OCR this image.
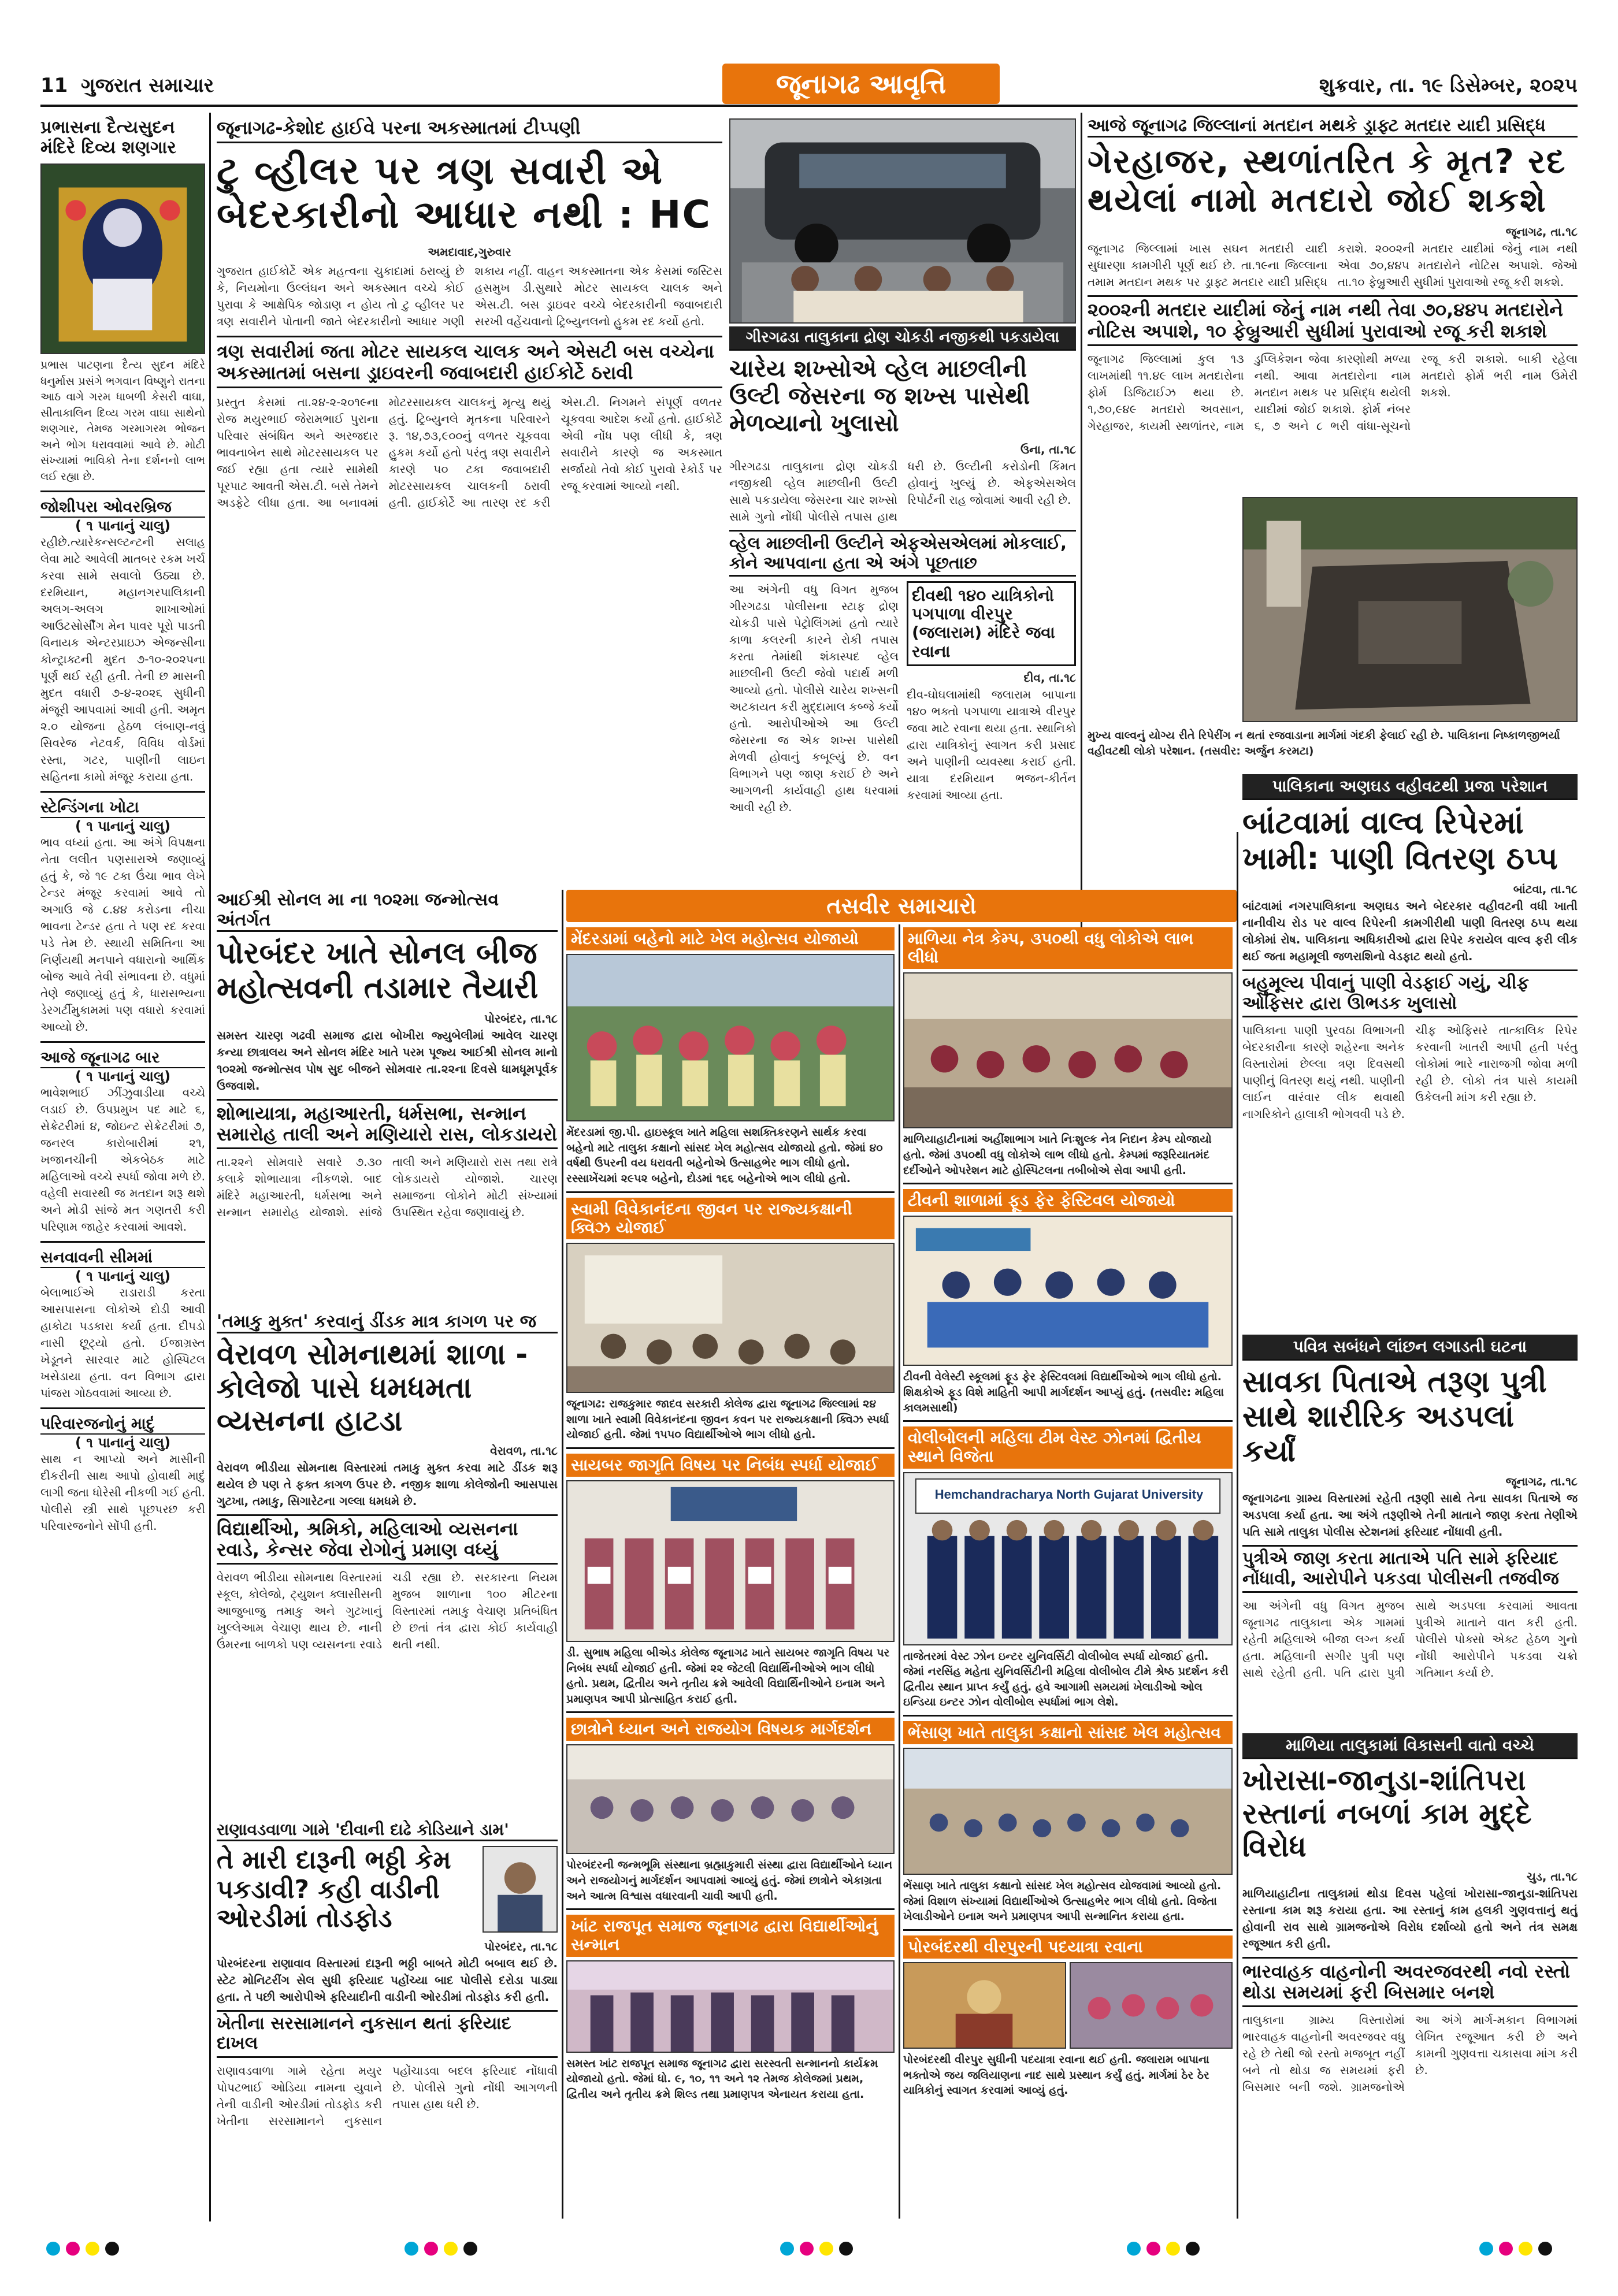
11 ગુજરાત સમાચાર	જૂનાગઢ આવૃત્તિ	શુક્રવાર, તા. ૧૯ ડિસેમ્બર, ૨૦૨૫
પ્રભાસના દૈત્યસુદન મંદિરે દિવ્ય શણગાર
પ્રભાસ પાટણના દૈત્ય સુદન મંદિરે ધનુર્માસ પ્રસંગે ભગવાન વિષ્ણુને રાતના આઠ વાગે ગરમ ધાબળી કેસરી વાઘા, સીતાકાલિન દિવ્ય ગરમ વાઘા સાથેનો શણગાર, તેમજ ગરમાગરમ ભોજન અને ભોગ ધરાવવામાં આવે છે. મોટી સંખ્યામાં ભાવિકો તેના દર્શનનો લાભ લઈ રહ્યા છે.
જોશીપરા ઓવરબ્રિજ
( ૧ પાનાનું ચાલુ)
રહીછે.ત્યારેકન્સલ્ટન્ટની સલાહ લેવા માટે આવેલી માતબર રકમ ખર્ચ કરવા સામે સવાલો ઉઠ્યા છે. દરમિયાન, મહાનગરપાલિકાની અલગ-અલગ શાખાઓમાં આઉટસોર્સીંગ મેન પાવર પૂરો પાડતી વિનાયક એન્ટરપ્રાઇઝ એજન્સીના કોન્ટ્રાક્ટની મુદત ૭-૧૦-૨૦૨૫ના પૂર્ણ થઈ રહી હતી. તેની છ માસની મુદત વધારી ૭-૪-૨૦૨૬ સુધીની મંજૂરી આપવામાં આવી હતી. અમૃત ૨.૦ યોજના હેઠળ લંબાણ-નવું સિવરેજ નેટવર્ક, વિવિધ વોર્ડમાં રસ્તા, ગટર, પાણીની લાઇન સહિતના કામો મંજૂર કરાયા હતા.
સ્ટેન્ડિંગના ખોટા
( ૧ પાનાનું ચાલુ)
ભાવ વધ્યાં હતા. આ અંગે વિપક્ષના નેતા લલીત પણસારાએ જણાવ્યું હતું કે, જે ૧૯ ટકા ઉંચા ભાવ લેખે ટેન્ડર મંજૂર કરવામાં આવે તો અગાઉ જે ૮.૪૪ કરોડના નીચા ભાવના ટેન્ડર હતા તે પણ રદ કરવા પડે તેમ છે. સ્થાયી સમિતિના આ નિર્ણયથી મનપાને વધારાનો આર્થિક બોજ આવે તેવી સંભાવના છે. વધુમાં તેણે જણાવ્યું હતું કે, ધારાસભ્યના ડેરગર્ટીમુકામમાં પણ વધારો કરવામાં આવ્યો છે.
આજે જૂનાગઢ બાર
( ૧ પાનાનું ચાલુ)
ભાવેશભાઈ ઝીંઝુવાડીયા વચ્ચે લડાઈ છે. ઉપપ્રમુખ પદ માટે ૬, સેક્રેટરીમાં ૪, જોઇન્ટ સેક્રેટરીમાં ૭, જનરલ કારોબારીમાં ૨૧, ખજાનચીની એકબેઠક માટે મહિલાઓ વચ્ચે સ્પર્ધા જોવા મળે છે. વહેલી સવારથી જ મતદાન શરૂ થશે અને મોડી સાંજે મત ગણતરી કરી પરિણામ જાહેર કરવામાં આવશે.
સનવાવની સીમમાં
( ૧ પાનાનું ચાલુ)
બેલાભાઈએ રાડારાડી કરતા આસપાસના લોકોએ દોડી આવી હાકોટા પડકારા કર્યા હતા. દીપડો નાસી છૂટ્યો હતો. ઈજાગ્રસ્ત ખેડૂતને સારવાર માટે હોસ્પિટલ ખસેડાયા હતા. વન વિભાગ દ્વારા પાંજરા ગોઠવવામાં આવ્યા છે.
પરિવારજનોનું માદું
( ૧ પાનાનું ચાલુ)
સાથ ન આપ્યો અને માસીની દીકરીની સાથ આપો હોવાથી માદું લાગી જતા ધોરેસી નીકળી ગઈ હતી. પોલીસે સ્ત્રી સાથે પૂછપરછ કરી પરિવારજનોને સોંપી હતી.
જૂનાગઢ-કેશોદ હાઈવે પરના અકસ્માતમાં ટીપ્પણી
ટુ વ્હીલર પર ત્રણ સવારી એ બેદરકારીનો આધાર નથી : HC
અમદાવાદ,ગુરુવાર
ગુજરાત હાઈકોર્ટે એક મહત્વના ચુકાદામાં ઠરાવ્યું છે કે, નિયમોના ઉલ્લંઘન અને અકસ્માત વચ્ચે કોઈ પુરાવા કે આક્ષેપિક જોડાણ ન હોય તો ટુ વ્હીલર પર ત્રણ સવારીને પોતાની જાતે બેદરકારીનો આધાર ગણી શકાય નહીં. વાહન અકસ્માતના એક કેસમાં જસ્ટિસ હસમુખ ડી.સુથારે મોટર સાયકલ ચાલક અને એસ.ટી. બસ ડ્રાઇવર વચ્ચે બેદરકારીની જવાબદારી સરખી વહેંચવાનો ટ્રિબ્યુનલનો હુકમ રદ કર્યો હતો.
ત્રણ સવારીમાં જતા મોટર સાયકલ ચાલક અને એસટી બસ વચ્ચેના અકસ્માતમાં બસના ડ્રાઇવરની જવાબદારી હાઈકોર્ટે ઠરાવી
પ્રસ્તુત કેસમાં તા.૨૪-૨-૨૦૧૯ના રોજ મયુરભાઈ જેરામભાઈ પુરાના પરિવાર સંબંધિત અને અરજદાર ભાવનાબેન સાથે મોટરસાયકલ પર જઈ રહ્યા હતા ત્યારે સામેથી પૂરપાટ આવતી એસ.ટી. બસે તેમને અડફેટે લીધા હતા. આ બનાવમાં મોટરસાયકલ ચાલકનું મૃત્યુ થયું હતું. ટ્રિબ્યુનલે મૃતકના પરિવારને રૂ. ૧૪,૭૩,૯૦૦નું વળતર ચૂકવવા હુકમ કર્યો હતો પરંતુ ત્રણ સવારીને કારણે ૫૦ ટકા જવાબદારી મોટરસાયકલ ચાલકની ઠરાવી હતી. હાઈકોર્ટે આ તારણ રદ કરી એસ.ટી. નિગમને સંપૂર્ણ વળતર ચૂકવવા આદેશ કર્યો હતો. હાઈકોર્ટે એવી નોંધ પણ લીધી કે, ત્રણ સવારીને કારણે જ અકસ્માત સર્જાયો તેવો કોઈ પુરાવો રેકોર્ડ પર રજૂ કરવામાં આવ્યો નથી.
ગીરગઢડા તાલુકાના દ્રોણ ચોકડી નજીકથી પકડાયેલા
ચારેય શખ્સોએ વ્હેલ માછલીની ઉલ્ટી જેસરના જ શખ્સ પાસેથી મેળવ્યાનો ખુલાસો
ઉના, તા.૧૮
ગીરગઢડા તાલુકાના દ્રોણ ચોકડી નજીકથી વ્હેલ માછલીની ઉલ્ટી સાથે પકડાયેલા જેસરના ચાર શખ્સો સામે ગુનો નોંધી પોલીસે તપાસ હાથ ધરી છે. ઉલ્ટીની કરોડોની કિંમત હોવાનું ખુલ્યું છે. એફએસએલ રિપોર્ટની રાહ જોવામાં આવી રહી છે.
વ્હેલ માછલીની ઉલ્ટીને એફએસએલમાં મોકલાઈ, કોને આપવાના હતા એ અંગે પૂછતાછ
આ અંગેની વધુ વિગત મુજબ ગીરગઢડા પોલીસના સ્ટાફ દ્રોણ ચોકડી પાસે પેટ્રોલિંગમાં હતો ત્યારે કાળા કલરની કારને રોકી તપાસ કરતા તેમાંથી શંકાસ્પદ વ્હેલ માછલીની ઉલ્ટી જેવો પદાર્થ મળી આવ્યો હતો. પોલીસે ચારેય શખ્સની અટકાયત કરી મુદ્દામાલ કબ્જે કર્યો હતો. આરોપીઓએ આ ઉલ્ટી જેસરના જ એક શખ્સ પાસેથી મેળવી હોવાનું કબૂલ્યું છે. વન વિભાગને પણ જાણ કરાઈ છે અને આગળની કાર્યવાહી હાથ ધરવામાં આવી રહી છે.
દીવથી ૧૪૦ યાત્રિકોનો પગપાળા વીરપુર (જલારામ) મંદિરે જવા રવાના
દીવ, તા.૧૮
દીવ-ઘોઘલામાંથી જલારામ બાપાના ૧૪૦ ભક્તો પગપાળા યાત્રાએ વીરપુર જવા માટે રવાના થયા હતા. સ્થાનિકો દ્વારા યાત્રિકોનું સ્વાગત કરી પ્રસાદ અને પાણીની વ્યવસ્થા કરાઈ હતી. યાત્રા દરમિયાન ભજન-કીર્તન કરવામાં આવ્યા હતા.
આજે જૂનાગઢ જિલ્લાનાં મતદાન મથકે ડ્રાફ્ટ મતદાર યાદી પ્રસિદ્ધ
ગેરહાજર, સ્થળાંતરિત કે મૃત? રદ થયેલાં નામો મતદારો જોઈ શકશે
જૂનાગઢ, તા.૧૮
જૂનાગઢ જિલ્લામાં ખાસ સઘન મતદારી યાદી સુધારણા કામગીરી પૂર્ણ થઈ છે. તા.૧૯ના જિલ્લાના તમામ મતદાન મથક પર ડ્રાફ્ટ મતદાર યાદી પ્રસિદ્ધ કરાશે. ૨૦૦૨ની મતદાર યાદીમાં જેનું નામ નથી એવા ૭૦,૪૪૫ મતદારોને નોટિસ અપાશે. જેઓ તા.૧૦ ફેબ્રુઆરી સુધીમાં પુરાવાઓ રજૂ કરી શકશે.
૨૦૦૨ની મતદાર યાદીમાં જેનું નામ નથી તેવા ૭૦,૪૪૫ મતદારોને નોટિસ અપાશે, ૧૦ ફેબ્રુઆરી સુધીમાં પુરાવાઓ રજૂ કરી શકાશે
જૂનાગઢ જિલ્લામાં કુલ ૧૩ લાખમાંથી ૧૧.૪૯ લાખ મતદારોના ફોર્મ ડિજિટાઈઝ થયા છે. ૧,૭૦,૯૪૯ મતદારો અવસાન, ગેરહાજર, કાયમી સ્થળાંતર, નામ ડુપ્લિકેશન જેવા કારણોથી મળ્યા નથી. આવા મતદારોના નામ મતદાન મથક પર પ્રસિદ્ધ થયેલી યાદીમાં જોઈ શકાશે. ફોર્મ નંબર ૬, ૭ અને ૮ ભરી વાંધા-સૂચનો રજૂ કરી શકાશે. બાકી રહેલા મતદારો ફોર્મ ભરી નામ ઉમેરી શકશે.
મુખ્ય વાલ્વનું યોગ્ય રીતે રિપેરીંગ ન થતાં રજવાડાના માર્ગમાં ગંદકી ફેલાઈ રહી છે. પાલિકાના નિષ્કાળજીભર્યા વહીવટથી લોકો પરેશાન. (તસવીર: અર્જુન કરમટા)
પાલિકાના અણઘડ વહીવટથી પ્રજા પરેશાન
બાંટવામાં વાલ્વ રિપેરમાં ખામી: પાણી વિતરણ ઠપ્પ
બાંટવા, તા.૧૮
બાંટવામાં નગરપાલિકાના અણઘડ અને બેદરકાર વહીવટની વધી ખાતી નાનીવીચ રોડ પર વાલ્વ રિપેરની કામગીરીથી પાણી વિતરણ ઠપ્પ થયા લોકોમાં રોષ. પાલિકાના અધિકારીઓ દ્વારા રિપેર કરાયેલ વાલ્વ ફરી લીક થઈ જતા મહામૂલી જળરાશિનો વેડફાટ થયો હતો.
બહુમૂલ્ય પીવાનું પાણી વેડફાઈ ગયું, ચીફ ઓફિસર દ્વારા ઊભડક ખુલાસો
પાલિકાના પાણી પુરવઠા વિભાગની બેદરકારીના કારણે શહેરના અનેક વિસ્તારોમાં છેલ્લા ત્રણ દિવસથી પાણીનું વિતરણ થયું નથી. પાણીની લાઈન વારંવાર લીક થવાથી નાગરિકોને હાલાકી ભોગવવી પડે છે. ચીફ ઓફિસરે તાત્કાલિક રિપેર કરવાની ખાતરી આપી હતી પરંતુ લોકોમાં ભારે નારાજગી જોવા મળી રહી છે. લોકો તંત્ર પાસે કાયમી ઉકેલની માંગ કરી રહ્યા છે.
પવિત્ર સબંધને લાંછન લગાડતી ઘટના
સાવકા પિતાએ તરૂણ પુત્રી સાથે શારીરિક અડપલાં કર્યાં
જૂનાગઢ, તા.૧૮
જૂનાગઢના ગ્રામ્ય વિસ્તારમાં રહેતી તરૂણી સાથે તેના સાવકા પિતાએ જ અડપલા કર્યા હતા. આ અંગે તરૂણીએ તેની માતાને જાણ કરતા તેણીએ પતિ સામે તાલુકા પોલીસ સ્ટેશનમાં ફરિયાદ નોંધાવી હતી.
પુત્રીએ જાણ કરતા માતાએ પતિ સામે ફરિયાદ નોંધાવી, આરોપીને પકડવા પોલીસની તજવીજ
આ અંગેની વધુ વિગત મુજબ જૂનાગઢ તાલુકાના એક ગામમાં રહેતી મહિલાએ બીજા લગ્ન કર્યા હતા. મહિલાની સગીર પુત્રી પણ સાથે રહેતી હતી. પતિ દ્વારા પુત્રી સાથે અડપલા કરવામાં આવતા પુત્રીએ માતાને વાત કરી હતી. પોલીસે પોક્સો એક્ટ હેઠળ ગુનો નોંધી આરોપીને પકડવા ચક્રો ગતિમાન કર્યા છે.
માળિયા તાલુકામાં વિકાસની વાતો વચ્ચે
ખોરાસા-જાનુડા-શાંતિપરા રસ્તાનાં નબળાં કામ મુદ્દે વિરોધ
ચુડ, તા.૧૮
માળિયાહાટીના તાલુકામાં થોડા દિવસ પહેલાં ખોરાસા-જાનુડા-શાંતિપરા રસ્તાના કામ શરૂ કરાયા હતા. આ રસ્તાનું કામ હલકી ગુણવત્તાનું થતું હોવાની રાવ સાથે ગ્રામજનોએ વિરોધ દર્શાવ્યો હતો અને તંત્ર સમક્ષ રજૂઆત કરી હતી.
ભારવાહક વાહનોની અવરજવરથી નવો રસ્તો થોડા સમયમાં ફરી બિસમાર બનશે
તાલુકાના ગ્રામ્ય વિસ્તારોમાં ભારવાહક વાહનોની અવરજવર વધુ રહે છે તેથી જો રસ્તો મજબૂત નહીં બને તો થોડા જ સમયમાં ફરી બિસમાર બની જશે. ગ્રામજનોએ આ અંગે માર્ગ-મકાન વિભાગમાં લેખિત રજૂઆત કરી છે અને કામની ગુણવત્તા ચકાસવા માંગ કરી છે.
આઈશ્રી સોનલ મા ના ૧૦૨મા જન્મોત્સવ અંતર્ગત
પોરબંદર ખાતે સોનલ બીજ મહોત્સવની તડામાર તૈયારી
પોરબંદર, તા.૧૮
સમસ્ત ચારણ ગઢવી સમાજ દ્વારા બોખીરા જ્યુબેલીમાં આવેલ ચારણ કન્યા છાત્રાલય અને સોનલ મંદિર ખાતે પરમ પૂજ્ય આઈશ્રી સોનલ માનો ૧૦૨મો જન્મોત્સવ પોષ સુદ બીજને સોમવાર તા.૨૨ના દિવસે ધામધૂમપૂર્વક ઉજવાશે.
શોભાયાત્રા, મહાઆરતી, ધર્મસભા, સન્માન સમારોહ તાલી અને મણિયારો રાસ, લોકડાયરો
તા.૨૨ને સોમવારે સવારે ૭.૩૦ કલાકે શોભાયાત્રા નીકળશે. બાદ મંદિરે મહાઆરતી, ધર્મસભા અને સન્માન સમારોહ યોજાશે. સાંજે તાલી અને મણિયારો રાસ તથા રાત્રે લોકડાયરો યોજાશે. ચારણ સમાજના લોકોને મોટી સંખ્યામાં ઉપસ્થિત રહેવા જણાવાયું છે.
'તમાકુ મુક્ત' કરવાનું ડીંડક માત્ર કાગળ પર જ
વેરાવળ સોમનાથમાં શાળા - કોલેજો પાસે ધમધમતા વ્યસનના હાટડા
વેરાવળ, તા.૧૮
વેરાવળ ભીડીયા સોમનાથ વિસ્તારમાં તમાકુ મુક્ત કરવા માટે ડીંડક શરૂ થયેલ છે પણ તે ફક્ત કાગળ ઉપર છે. નજીક શાળા કોલેજોની આસપાસ ગુટખા, તમાકુ, સિગારેટના ગલ્લા ધમધમે છે.
વિદ્યાર્થીઓ, શ્રમિકો, મહિલાઓ વ્યસનના રવાડે, કેન્સર જેવા રોગોનું પ્રમાણ વધ્યું
વેરાવળ ભીડીયા સોમનાથ વિસ્તારમાં સ્કૂલ, કોલેજો, ટ્યુશન ક્લાસીસની આજુબાજુ તમાકુ અને ગુટખાનું ખુલ્લેઆમ વેચાણ થાય છે. નાની ઉંમરના બાળકો પણ વ્યસનના રવાડે ચડી રહ્યા છે. સરકારના નિયમ મુજબ શાળાના ૧૦૦ મીટરના વિસ્તારમાં તમાકુ વેચાણ પ્રતિબંધિત છે છતાં તંત્ર દ્વારા કોઈ કાર્યવાહી થતી નથી.
રાણાવડવાળા ગામે 'દીવાની દાઢે કોડિયાને ડામ'
તે મારી દારૂની ભઠ્ઠી કેમ પકડાવી? કહી વાડીની ઓરડીમાં તોડફોડ
પોરબંદર, તા.૧૮
પોરબંદરના રાણાવાવ વિસ્તારમાં દારૂની ભઠ્ઠી બાબતે મોટી બબાલ થઈ છે. સ્ટેટ મોનિટરીંગ સેલ સુધી ફરિયાદ પહોંચ્યા બાદ પોલીસે દરોડા પાડ્યા હતા. તે પછી આરોપીએ ફરિયાદીની વાડીની ઓરડીમાં તોડફોડ કરી હતી.
ખેતીના સરસામાનને નુકસાન થતાં ફરિયાદ દાખલ
રાણાવડવાળા ગામે રહેતા મયુર પોપટભાઈ ઓડિયા નામના યુવાને તેની વાડીની ઓરડીમાં તોડફોડ કરી ખેતીના સરસામાનને નુકસાન પહોંચાડવા બદલ ફરિયાદ નોંધાવી છે. પોલીસે ગુનો નોંધી આગળની તપાસ હાથ ધરી છે.
તસવીર સમાચારો
મેંદરડામાં બહેનો માટે ખેલ મહોત્સવ યોજાયો
મેંદરડામાં જી.પી. હાઇસ્કૂલ ખાતે મહિલા સશક્તિકરણને સાર્થક કરવા બહેનો માટે તાલુકા કક્ષાનો સાંસદ ખેલ મહોત્સવ યોજાયો હતો. જેમાં ૪૦ વર્ષથી ઉપરની વય ધરાવતી બહેનોએ ઉત્સાહભેર ભાગ લીધો હતો. રસ્સાખેંચમાં ૨૯૫૨ બહેનો, દોડમાં ૧૬૬ બહેનોએ ભાગ લીધો હતો.
સ્વામી વિવેકાનંદના જીવન પર રાજ્યકક્ષાની ક્વિઝ યોજાઈ
જૂનાગઢ: રાજકુમાર જાદવ સરકારી કોલેજ દ્વારા જૂનાગઢ જિલ્લામાં ૨૪ શાળા ખાતે સ્વામી વિવેકાનંદના જીવન કવન પર રાજ્યકક્ષાની ક્વિઝ સ્પર્ધા યોજાઈ હતી. જેમાં ૧૫૫૦ વિદ્યાર્થીઓએ ભાગ લીધો હતો.
સાયબર જાગૃતિ વિષય પર નિબંધ સ્પર્ધા યોજાઈ
ડી. સુભાષ મહિલા બીએડ કોલેજ જૂનાગઢ ખાતે સાયબર જાગૃતિ વિષય પર નિબંધ સ્પર્ધા યોજાઈ હતી. જેમાં ૨૨ જેટલી વિદ્યાર્થિનીઓએ ભાગ લીધો હતો. પ્રથમ, દ્વિતીય અને તૃતીય ક્રમે આવેલી વિદ્યાર્થિનીઓને ઇનામ અને પ્રમાણપત્ર આપી પ્રોત્સાહિત કરાઈ હતી.
છાત્રોને ધ્યાન અને રાજયોગ વિષયક માર્ગદર્શન
પોરબંદરની જન્મભૂમિ સંસ્થાના બ્રહ્માકુમારી સંસ્થા દ્વારા વિદ્યાર્થીઓને ધ્યાન અને રાજયોગનું માર્ગદર્શન આપવામાં આવ્યું હતું. જેમાં છાત્રોને એકાગ્રતા અને આત્મ વિશ્વાસ વધારવાની ચાવી આપી હતી.
ખાંટ રાજપૂત સમાજ જૂનાગઢ દ્વારા વિદ્યાર્થીઓનું સન્માન
સમસ્ત ખાંટ રાજપૂત સમાજ જૂનાગઢ દ્વારા સરસ્વતી સન્માનનો કાર્યક્રમ યોજાયો હતો. જેમાં ધો. ૯, ૧૦, ૧૧ અને ૧૨ તેમજ કોલેજમાં પ્રથમ, દ્વિતીય અને તૃતીય ક્રમે શિલ્ડ તથા પ્રમાણપત્ર એનાયત કરાયા હતા.
માળિયા નેત્ર કેમ્પ, ૩૫૦થી વધુ લોકોએ લાભ લીધો
માળિયાહાટીનામાં અહીંશાભાગ ખાતે નિઃશુલ્ક નેત્ર નિદાન કેમ્પ યોજાયો હતો. જેમાં ૩૫૦થી વધુ લોકોએ લાભ લીધો હતો. કેમ્પમાં જરૂરિયાતમંદ દર્દીઓને ઓપરેશન માટે હોસ્પિટલના તબીબોએ સેવા આપી હતી.
ટીવની શાળામાં ફૂડ ફેર ફેસ્ટિવલ યોજાયો
ટીવની વેલેસ્ટી સ્કૂલમાં ફૂડ ફેર ફેસ્ટિવલમાં વિદ્યાર્થીઓએ ભાગ લીધો હતો. શિક્ષકોએ ફૂડ વિશે માહિતી આપી માર્ગદર્શન આપ્યું હતું. (તસવીર: મહિલા કાલમસાથી)
વોલીબોલની મહિલા ટીમ વેસ્ટ ઝોનમાં દ્વિતીય સ્થાને વિજેતા
Hemchandracharya North Gujarat University
તાજેતરમાં વેસ્ટ ઝોન ઇન્ટર યુનિવર્સિટી વોલીબોલ સ્પર્ધા યોજાઈ હતી. જેમાં નરસિંહ મહેતા યુનિવર્સિટીની મહિલા વોલીબોલ ટીમે શ્રેષ્ઠ પ્રદર્શન કરી દ્વિતીય સ્થાન પ્રાપ્ત કર્યું હતું. હવે આગામી સમયમાં ખેલાડીઓ ઓલ ઇન્ડિયા ઇન્ટર ઝોન વોલીબોલ સ્પર્ધામાં ભાગ લેશે.
ભેંસાણ ખાતે તાલુકા કક્ષાનો સાંસદ ખેલ મહોત્સવ
ભેંસાણ ખાતે તાલુકા કક્ષાનો સાંસદ ખેલ મહોત્સવ યોજવામાં આવ્યો હતો. જેમાં વિશાળ સંખ્યામાં વિદ્યાર્થીઓએ ઉત્સાહભેર ભાગ લીધો હતો. વિજેતા ખેલાડીઓને ઇનામ અને પ્રમાણપત્ર આપી સન્માનિત કરાયા હતા.
પોરબંદરથી વીરપુરની પદયાત્રા રવાના
પોરબંદરથી વીરપુર સુધીની પદયાત્રા રવાના થઈ હતી. જલારામ બાપાના ભક્તોએ જય જલિયાણના નાદ સાથે પ્રસ્થાન કર્યું હતું. માર્ગમાં ઠેર ઠેર યાત્રિકોનું સ્વાગત કરવામાં આવ્યું હતું.
